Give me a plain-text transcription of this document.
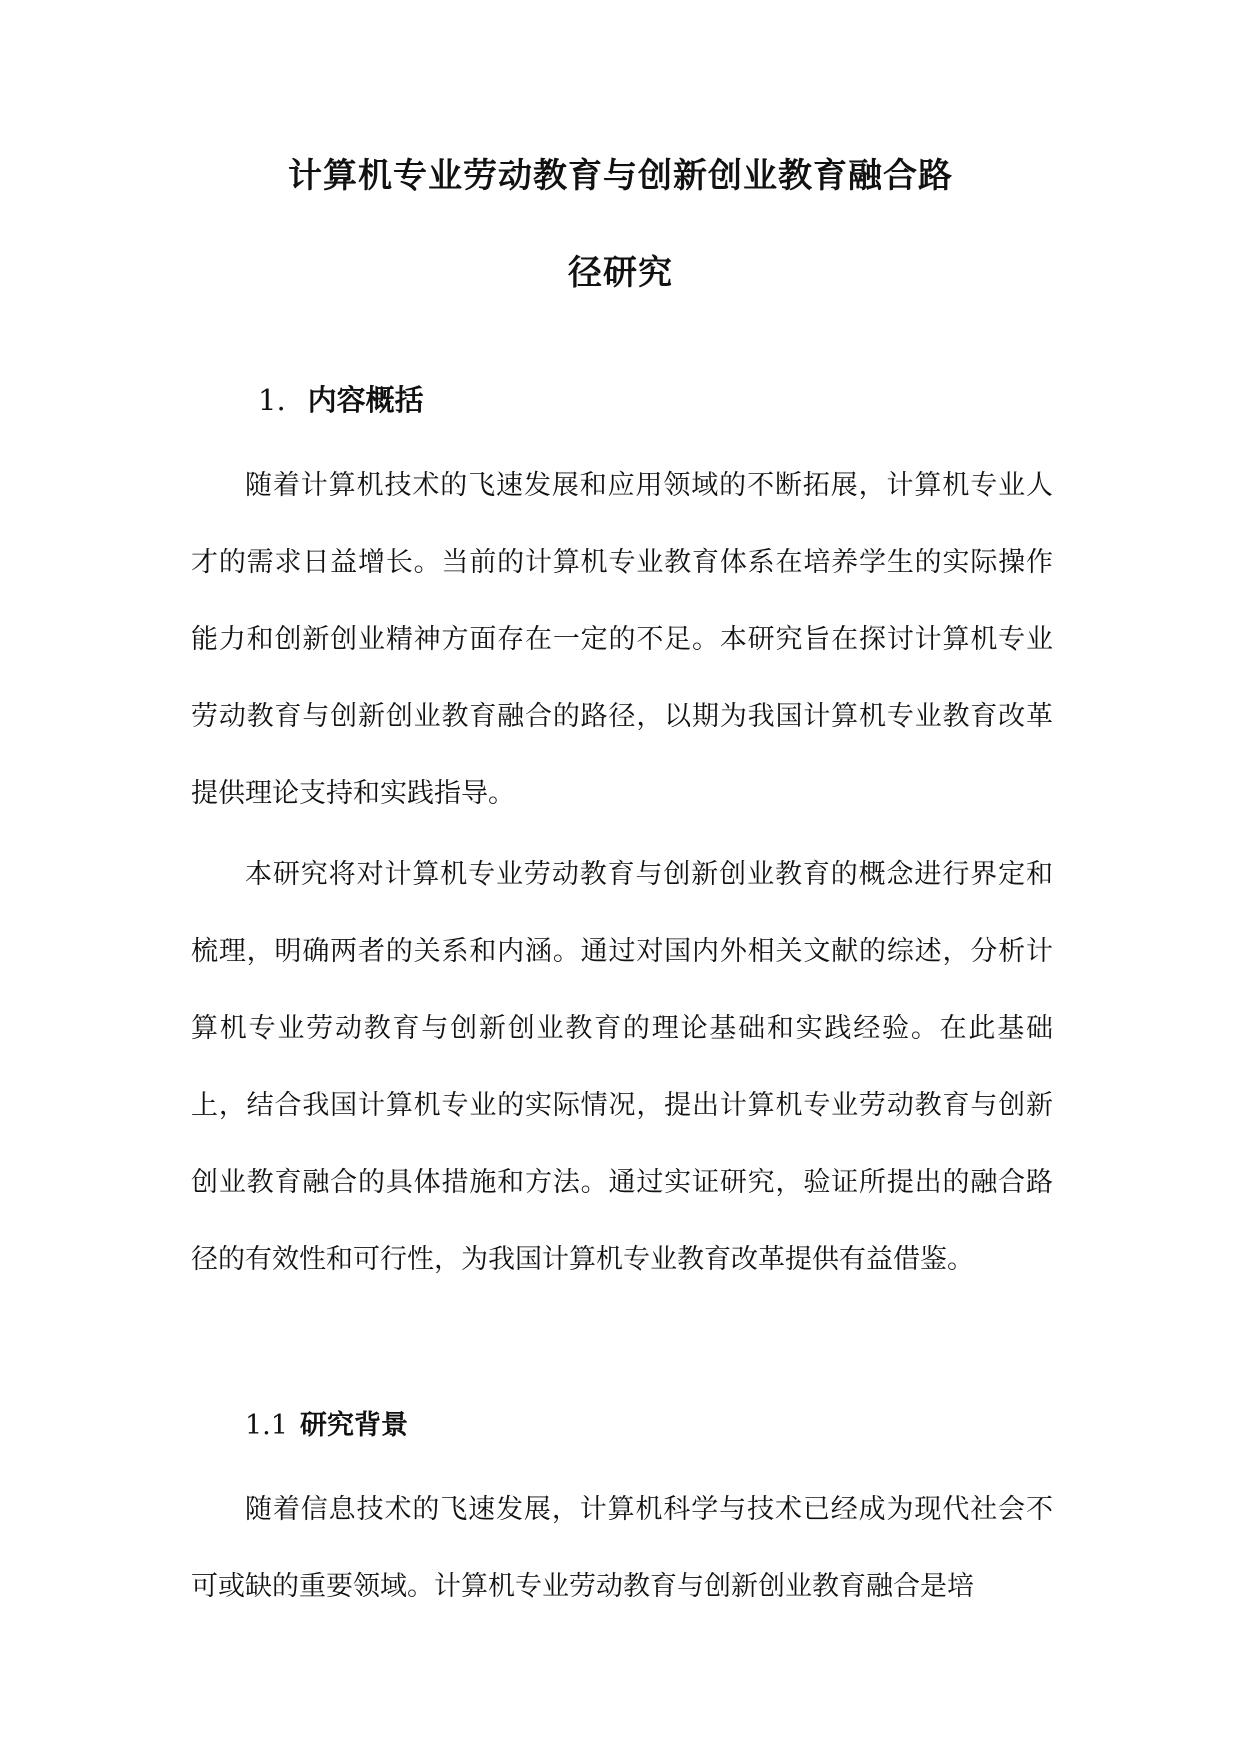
计算机专业劳动教育与创新创业教育融合路
径研究
1. 内容概括

随着计算机技术的飞速发展和应用领域的不断拓展，计算机专业人才的需求日益增长。当前的计算机专业教育体系在培养学生的实际操作能力和创新创业精神方面存在一定的不足。本研究旨在探讨计算机专业劳动教育与创新创业教育融合的路径，以期为我国计算机专业教育改革提供理论支持和实践指导。

本研究将对计算机专业劳动教育与创新创业教育的概念进行界定和梳理，明确两者的关系和内涵。通过对国内外相关文献的综述，分析计算机专业劳动教育与创新创业教育的理论基础和实践经验。在此基础上，结合我国计算机专业的实际情况，提出计算机专业劳动教育与创新创业教育融合的具体措施和方法。通过实证研究，验证所提出的融合路径的有效性和可行性，为我国计算机专业教育改革提供有益借鉴。

1.1 研究背景

随着信息技术的飞速发展，计算机科学与技术已经成为现代社会不可或缺的重要领域。计算机专业劳动教育与创新创业教育融合是培
